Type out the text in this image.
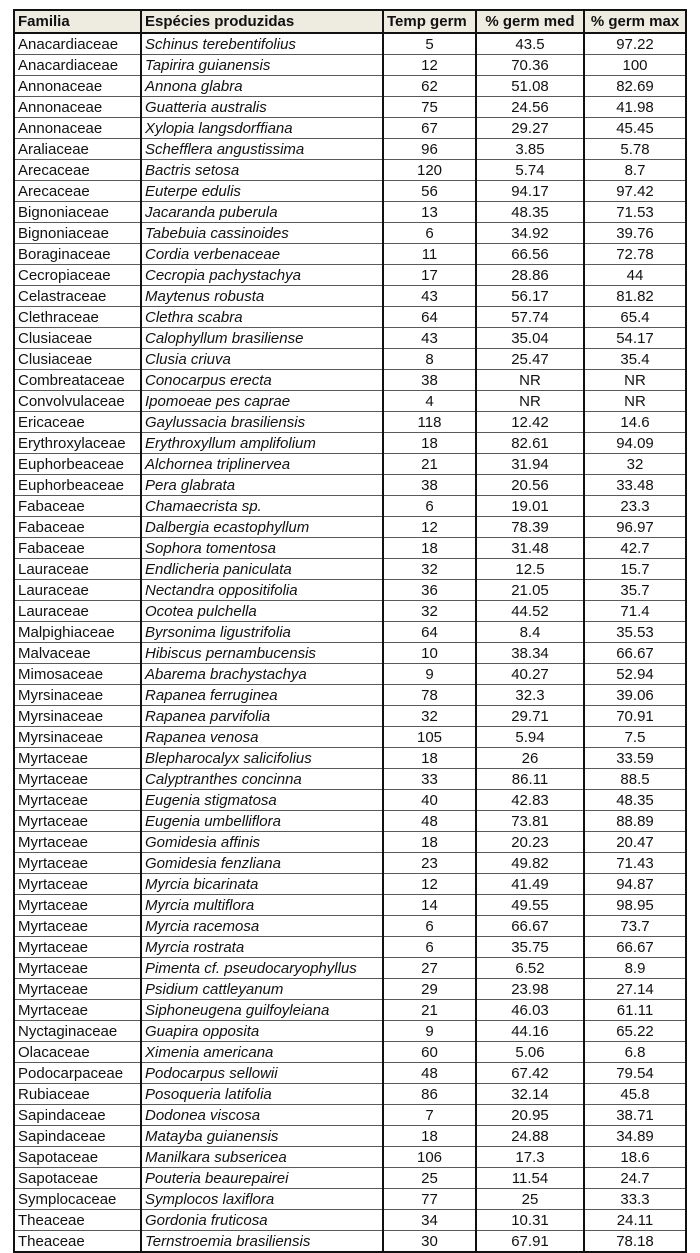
Familia	Espécies produzidas	Temp germ	% germ med	% germ max
Anacardiaceae	Schinus terebentifolius	5	43.5	97.22
Anacardiaceae	Tapirira guianensis	12	70.36	100
Annonaceae	Annona glabra	62	51.08	82.69
Annonaceae	Guatteria australis	75	24.56	41.98
Annonaceae	Xylopia langsdorffiana	67	29.27	45.45
Araliaceae	Schefflera angustissima	96	3.85	5.78
Arecaceae	Bactris setosa	120	5.74	8.7
Arecaceae	Euterpe edulis	56	94.17	97.42
Bignoniaceae	Jacaranda puberula	13	48.35	71.53
Bignoniaceae	Tabebuia cassinoides	6	34.92	39.76
Boraginaceae	Cordia verbenaceae	11	66.56	72.78
Cecropiaceae	Cecropia pachystachya	17	28.86	44
Celastraceae	Maytenus robusta	43	56.17	81.82
Clethraceae	Clethra scabra	64	57.74	65.4
Clusiaceae	Calophyllum brasiliense	43	35.04	54.17
Clusiaceae	Clusia criuva	8	25.47	35.4
Combreataceae	Conocarpus erecta	38	NR	NR
Convolvulaceae	Ipomoeae pes caprae	4	NR	NR
Ericaceae	Gaylussacia brasiliensis	118	12.42	14.6
Erythroxylaceae	Erythroxyllum amplifolium	18	82.61	94.09
Euphorbeaceae	Alchornea triplinervea	21	31.94	32
Euphorbeaceae	Pera glabrata	38	20.56	33.48
Fabaceae	Chamaecrista sp.	6	19.01	23.3
Fabaceae	Dalbergia ecastophyllum	12	78.39	96.97
Fabaceae	Sophora tomentosa	18	31.48	42.7
Lauraceae	Endlicheria paniculata	32	12.5	15.7
Lauraceae	Nectandra oppositifolia	36	21.05	35.7
Lauraceae	Ocotea pulchella	32	44.52	71.4
Malpighiaceae	Byrsonima ligustrifolia	64	8.4	35.53
Malvaceae	Hibiscus pernambucensis	10	38.34	66.67
Mimosaceae	Abarema brachystachya	9	40.27	52.94
Myrsinaceae	Rapanea ferruginea	78	32.3	39.06
Myrsinaceae	Rapanea parvifolia	32	29.71	70.91
Myrsinaceae	Rapanea venosa	105	5.94	7.5
Myrtaceae	Blepharocalyx salicifolius	18	26	33.59
Myrtaceae	Calyptranthes concinna	33	86.11	88.5
Myrtaceae	Eugenia stigmatosa	40	42.83	48.35
Myrtaceae	Eugenia umbelliflora	48	73.81	88.89
Myrtaceae	Gomidesia affinis	18	20.23	20.47
Myrtaceae	Gomidesia fenzliana	23	49.82	71.43
Myrtaceae	Myrcia bicarinata	12	41.49	94.87
Myrtaceae	Myrcia multiflora	14	49.55	98.95
Myrtaceae	Myrcia racemosa	6	66.67	73.7
Myrtaceae	Myrcia rostrata	6	35.75	66.67
Myrtaceae	Pimenta cf. pseudocaryophyllus	27	6.52	8.9
Myrtaceae	Psidium cattleyanum	29	23.98	27.14
Myrtaceae	Siphoneugena guilfoyleiana	21	46.03	61.11
Nyctaginaceae	Guapira opposita	9	44.16	65.22
Olacaceae	Ximenia americana	60	5.06	6.8
Podocarpaceae	Podocarpus sellowii	48	67.42	79.54
Rubiaceae	Posoqueria latifolia	86	32.14	45.8
Sapindaceae	Dodonea viscosa	7	20.95	38.71
Sapindaceae	Matayba guianensis	18	24.88	34.89
Sapotaceae	Manilkara subsericea	106	17.3	18.6
Sapotaceae	Pouteria beaurepairei	25	11.54	24.7
Symplocaceae	Symplocos laxiflora	77	25	33.3
Theaceae	Gordonia fruticosa	34	10.31	24.11
Theaceae	Ternstroemia brasiliensis	30	67.91	78.18
